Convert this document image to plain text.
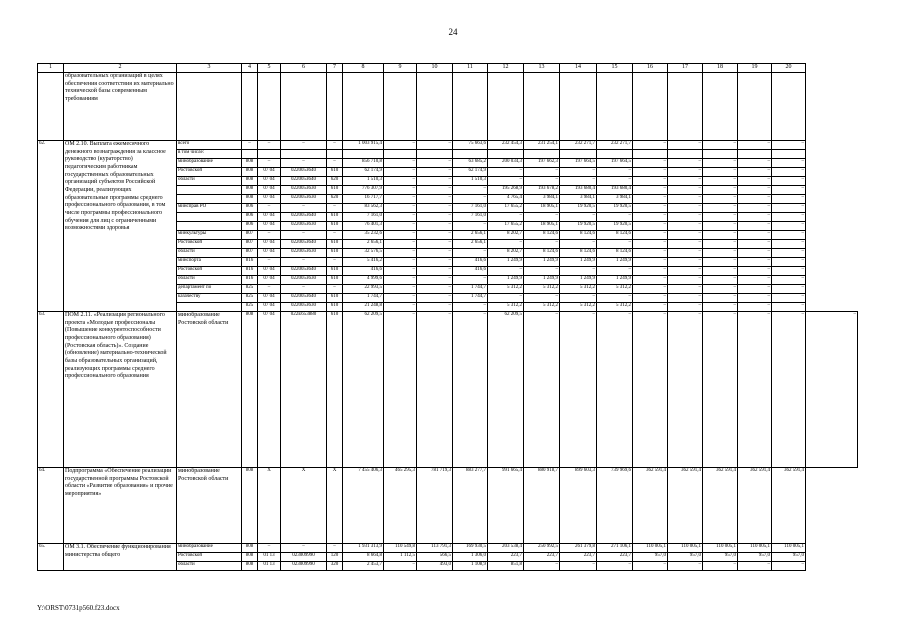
24
1	2	3	4	5	6	7	8	9	10	11	12	13	14	15	16	17	18	19	20	
	образовательных организаций в целях обеспечения соответствия их материально технической базы современным требованиям																			
62.	ОМ 2.10. Выплата ежемесячного денежного вознаграждения за классное руководство (кураторство) педагогическим работникам государственных образовательных организаций субъектов Российской Федерации, реализующих образовательные программы среднего профессионального образования, в том числе программы профессионального обучения для лиц с ограниченными возможностями здоровья	всего	–	–	–	–	1 003 915,4	–	–	75 663,6	232 454,3	231 254,1	232 271,7	232 271,7	–	–	–	–	–	
		в том числе:																		
		минобразование	808	–	–	–	856 710,8	–	–	63 685,2	200 034,3	197 662,3	197 664,5	197 664,5	–	–	–	–	–	
		Ростовской	808	07 04	022005З640	610	62 174,9	–	–	62 174,9	–	–	–	–	–	–	–	–	–	
		области	808	07 04	022005З640	620	1 510,3	–	–	1 510,3	–	–	–	–	–	–	–	–	–	
			808	07 04	022005З630	610	776 307,9	–	–	–	195 268,9	193 678,2	193 680,4	193 680,4	–	–	–	–	–	
			808	07 04	022005З630	620	16 717,7	–	–	–	4 765,4	3 984,1	3 984,1	3 984,1	–	–	–	–	–	
		минсправ РО	806	–	–	–	83 562,3	–	–	7 161,0	17 655,2	18 905,1	19 920,5	19 920,5	–	–	–	–	–	
			806	07 04	022005З640	610	7 161,0	–	–	7 161,0	–	–	–	–	–	–	–	–	–	
			806	07 04	022005З630	610	76 401,3	–	–	–	17 655,2	18 905,1	19 920,5	19 920,5	–	–	–	–	–	
		минкультуры	807	–	–	–	35 232,6	–	–	2 656,1	8 202,7	8 124,6	8 124,6	8 124,6	–	–	–	–	–	
		Ростовской	807	07 04	022005З640	610	2 656,1	–	–	2 656,1	–	–	–	–	–	–	–	–	–	
		области	807	07 04	022005З630	610	32 576,5	–	–	–	8 202,7	8 124,6	8 124,6	8 124,6	–	–	–	–	–	
		минспорта	816	–	–	–	5 416,2	–	–	416,6	1 249,9	1 249,9	1 249,9	1 249,9	–	–	–	–	–	
		Ростовской	816	07 04	022005З640	610	416,6	–	–	416,6	–	–	–	–	–	–	–	–	–	
		области	816	07 04	022005З630	610	4 999,6	–	–	–	1 249,9	1 249,9	1 249,9	1 249,9	–	–	–	–	–	
		департамент по	825	–	–	–	22 993,5	–	–	1 744,7	5 312,2	5 312,2	5 312,2	5 312,2	–	–	–	–	–	
		казачеству	825	07 04	022005З640	610	1 744,7	–	–	1 744,7	–	–	–	–	–	–	–	–	–	
			825	07 04	022005З630	610	21 248,8	–	–	–	5 312,2	5 312,2	5 312,2	5 312,2	–	–	–	–	–	
63.	ПОМ 2.11. «Реализация регионального проекта «Молодые профессионалы (Повышение конкурентоспособности профессионального образования) (Ростовская область)». Создание (обновление) материально-технической базы образовательных организаций, реализующих программы среднего профессионального образования	минобразование Ростовской области	808	07 04	022E653880	610	62 209,5	–	–	–	62 209,5	–	–	–	–	–	–	–	–	–
64.	Подпрограмма «Обеспечение реализации государственной программы Ростовской области «Развитие образования» и прочие мероприятия»	минобразование Ростовской области	808	X	X	X	7 455 406,3	465 295,3	781 719,3	883 277,7	991 665,4	880 918,7	899 603,3	739 969,6	362 591,4	362 591,4	362 591,4	362 591,4	362 591,4	
65.	ОМ 3.1. Обеспечение функционирования министерства общего	минобразование	808	–	–	–	1 931 313,9	110 549,8	113 791,3	169 930,5	203 538,4	250 992,5	261 379,8	271 106,1	110 005,1	110 005,1	110 005,1	110 005,1	110 005,1	
		Ростовской	808	01 13	023009990	120	8 664,8	1 112,5	566,5	1 306,0	223,7	223,7	223,7	223,7	957,0	957,0	957,0	957,0	957,0	
		области	808	01 13	023009990	320	2 453,7	–	493,0	1 108,9	851,8	–	–	–	–	–	–	–	–	
Y:\ORST\0731p560.f23.docx
